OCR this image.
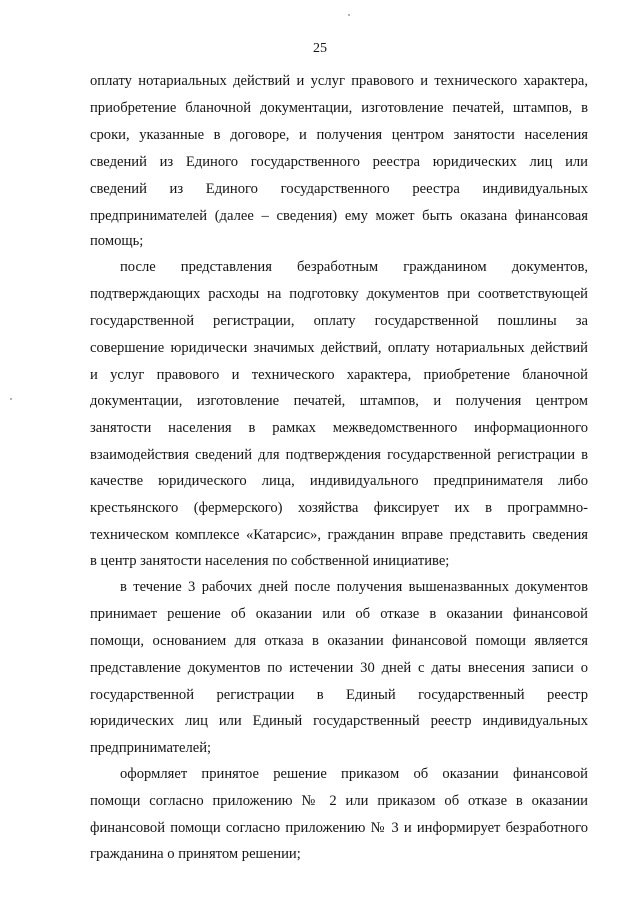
25
оплату нотариальных действий и услуг правового и технического характера,
приобретение бланочной документации, изготовление печатей, штампов, в
сроки, указанные в договоре, и получения центром занятости населения
сведений из Единого государственного реестра юридических лиц или
сведений из Единого государственного реестра индивидуальных
предпринимателей (далее – сведения) ему может быть оказана финансовая
помощь;
после представления безработным гражданином документов,
подтверждающих расходы на подготовку документов при соответствующей
государственной регистрации, оплату государственной пошлины за
совершение юридически значимых действий, оплату нотариальных действий
и услуг правового и технического характера, приобретение бланочной
документации, изготовление печатей, штампов, и получения центром
занятости населения в рамках межведомственного информационного
взаимодействия сведений для подтверждения государственной регистрации в
качестве юридического лица, индивидуального предпринимателя либо
крестьянского (фермерского) хозяйства фиксирует их в программно-
техническом комплексе «Катарсис», гражданин вправе представить сведения
в центр занятости населения по собственной инициативе;
в течение 3 рабочих дней после получения вышеназванных документов
принимает решение об оказании или об отказе в оказании финансовой
помощи, основанием для отказа в оказании финансовой помощи является
представление документов по истечении 30 дней с даты внесения записи о
государственной регистрации в Единый государственный реестр
юридических лиц или Единый государственный реестр индивидуальных
предпринимателей;
оформляет принятое решение приказом об оказании финансовой
помощи согласно приложению № 2 или приказом об отказе в оказании
финансовой помощи согласно приложению № 3 и информирует безработного
гражданина о принятом решении;
